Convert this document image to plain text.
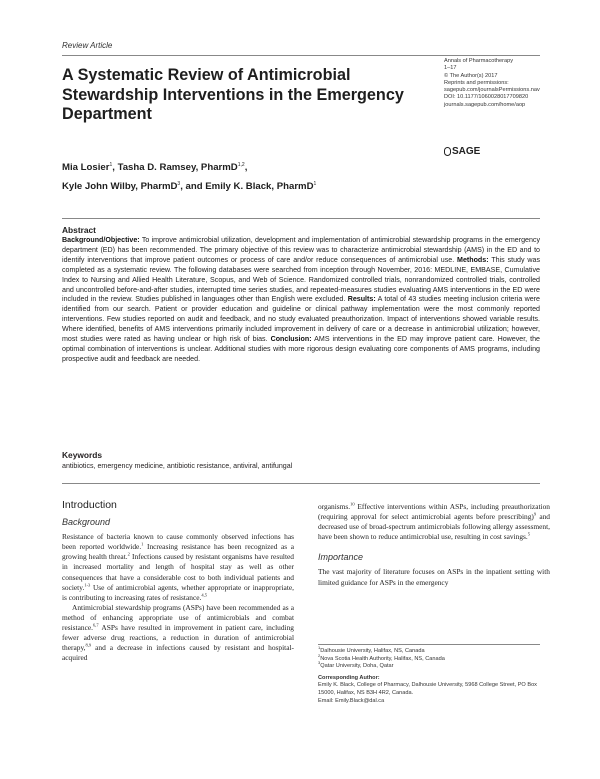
Review Article
A Systematic Review of Antimicrobial Stewardship Interventions in the Emergency Department
Annals of Pharmacotherapy
1–17
© The Author(s) 2017
Reprints and permissions:
sagepub.com/journalsPermissions.nav
DOI: 10.1177/1060028017709820
journals.sagepub.com/home/aop
SAGE
Mia Losier$^1$, Tasha D. Ramsey, PharmD$^{1,2}$,
Kyle John Wilby, PharmD$^3$, and Emily K. Black, PharmD$^1$
Abstract
Background/Objective: To improve antimicrobial utilization, development and implementation of antimicrobial stewardship programs in the emergency department (ED) has been recommended. The primary objective of this review was to characterize antimicrobial stewardship (AMS) in the ED and to identify interventions that improve patient outcomes or process of care and/or reduce consequences of antimicrobial use. Methods: This study was completed as a systematic review. The following databases were searched from inception through November, 2016: MEDLINE, EMBASE, Cumulative Index to Nursing and Allied Health Literature, Scopus, and Web of Science. Randomized controlled trials, nonrandomized controlled trials, controlled and uncontrolled before-and-after studies, interrupted time series studies, and repeated-measures studies evaluating AMS interventions in the ED were included in the review. Studies published in languages other than English were excluded. Results: A total of 43 studies meeting inclusion criteria were identified from our search. Patient or provider education and guideline or clinical pathway implementation were the most commonly reported interventions. Few studies reported on audit and feedback, and no study evaluated preauthorization. Impact of interventions showed variable results. Where identified, benefits of AMS interventions primarily included improvement in delivery of care or a decrease in antimicrobial utilization; however, most studies were rated as having unclear or high risk of bias. Conclusion: AMS interventions in the ED may improve patient care. However, the optimal combination of interventions is unclear. Additional studies with more rigorous design evaluating core components of AMS programs, including prospective audit and feedback are needed.
Keywords
antibiotics, emergency medicine, antibiotic resistance, antiviral, antifungal
Introduction
Background

Resistance of bacteria known to cause commonly observed infections has been reported worldwide.$^1$ Increasing resistance has been recognized as a growing health threat.$^2$ Infections caused by resistant organisms have resulted in increased mortality and length of hospital stay as well as other consequences that have a considerable cost to both individual patients and society.$^{1-3}$ Use of antimicrobial agents, whether appropriate or inappropriate, is contributing to increasing rates of resistance.$^{4,5}$

Antimicrobial stewardship programs (ASPs) have been recommended as a method of enhancing appropriate use of antimicrobials and combat resistance.$^{6,7}$ ASPs have resulted in improvement in patient care, including fewer adverse drug reactions, a reduction in duration of antimicrobial therapy,$^{8,9}$ and a decrease in infections caused by resistant and hospital-acquired

organisms.$^{10}$ Effective interventions within ASPs, including preauthorization (requiring approval for select antimicrobial agents before prescribing)$^9$ and decreased use of broad-spectrum antimicrobials following allergy assessment, have been shown to reduce antimicrobial use, resulting in cost savings.$^5$

Importance

The vast majority of literature focuses on ASPs in the inpatient setting with limited guidance for ASPs in the emergency

$^1$Dalhousie University, Halifax, NS, Canada
$^2$Nova Scotia Health Authority, Halifax, NS, Canada
$^3$Qatar University, Doha, Qatar
Corresponding Author:
Emily K. Black, College of Pharmacy, Dalhousie University, 5968 College Street, PO Box 15000, Halifax, NS B3H 4R2, Canada.
Email: Emily.Black@dal.ca
